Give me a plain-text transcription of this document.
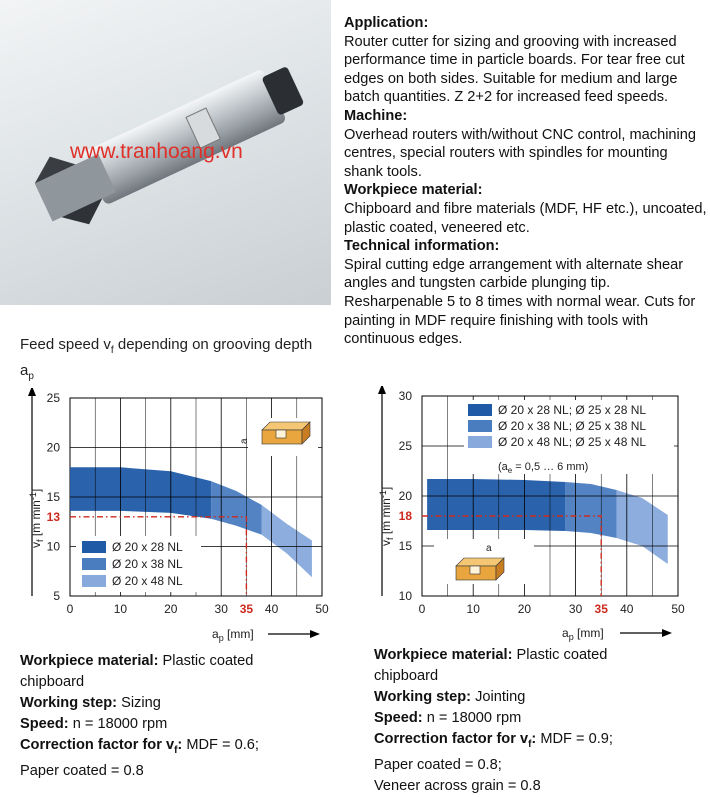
www.tranhoang.vn
Application:
Router cutter for sizing and grooving with increased performance time in particle boards. For tear free cut edges on both sides. Suitable for medium and large batch quantities. Z 2+2 for increased feed speeds.
Machine:
Overhead routers with/without CNC control, machining centres, special routers with spindles for mounting shank tools.
Workpiece material:
Chipboard and fibre materials (MDF, HF etc.), uncoated, plastic coated, veneered etc.
Technical information:
Spiral cutting edge arrangement with alternate shear angles and tungsten carbide plunging tip. Resharpenable 5 to 8 times with normal wear. Cuts for painting in MDF require finishing with tools with continuous edges.
Feed speed $v_f$ depending on grooving depth $a_p$
0	10	20	30	40	50
5
10
15
20
25
13
35
$a_p$ [mm]
$v_f$ [m $\min^{-1}$]
Ø 20 x 28 NL
Ø 20 x 38 NL
Ø 20 x 48 NL
a
0	10	20	30	40	50
10
15
20
25
30
18
35
$a_p$ [mm]
$v_f$ [m $\min^{-1}$]
Ø 20 x 28 NL; Ø 25 x 28 NL
Ø 20 x 38 NL; Ø 25 x 38 NL
Ø 20 x 48 NL; Ø 25 x 48 NL
($a_e = 0,5$ … 6 mm)
a
Workpiece material: Plastic coated
chipboard
Working step: Sizing
Speed: n = 18000 rpm
Correction factor for $v_f$: MDF = 0.6;
Paper coated = 0.8
Workpiece material: Plastic coated
chipboard
Working step: Jointing
Speed: n = 18000 rpm
Correction factor for $v_f$: MDF = 0.9;
Paper coated = 0.8;
Veneer across grain = 0.8
